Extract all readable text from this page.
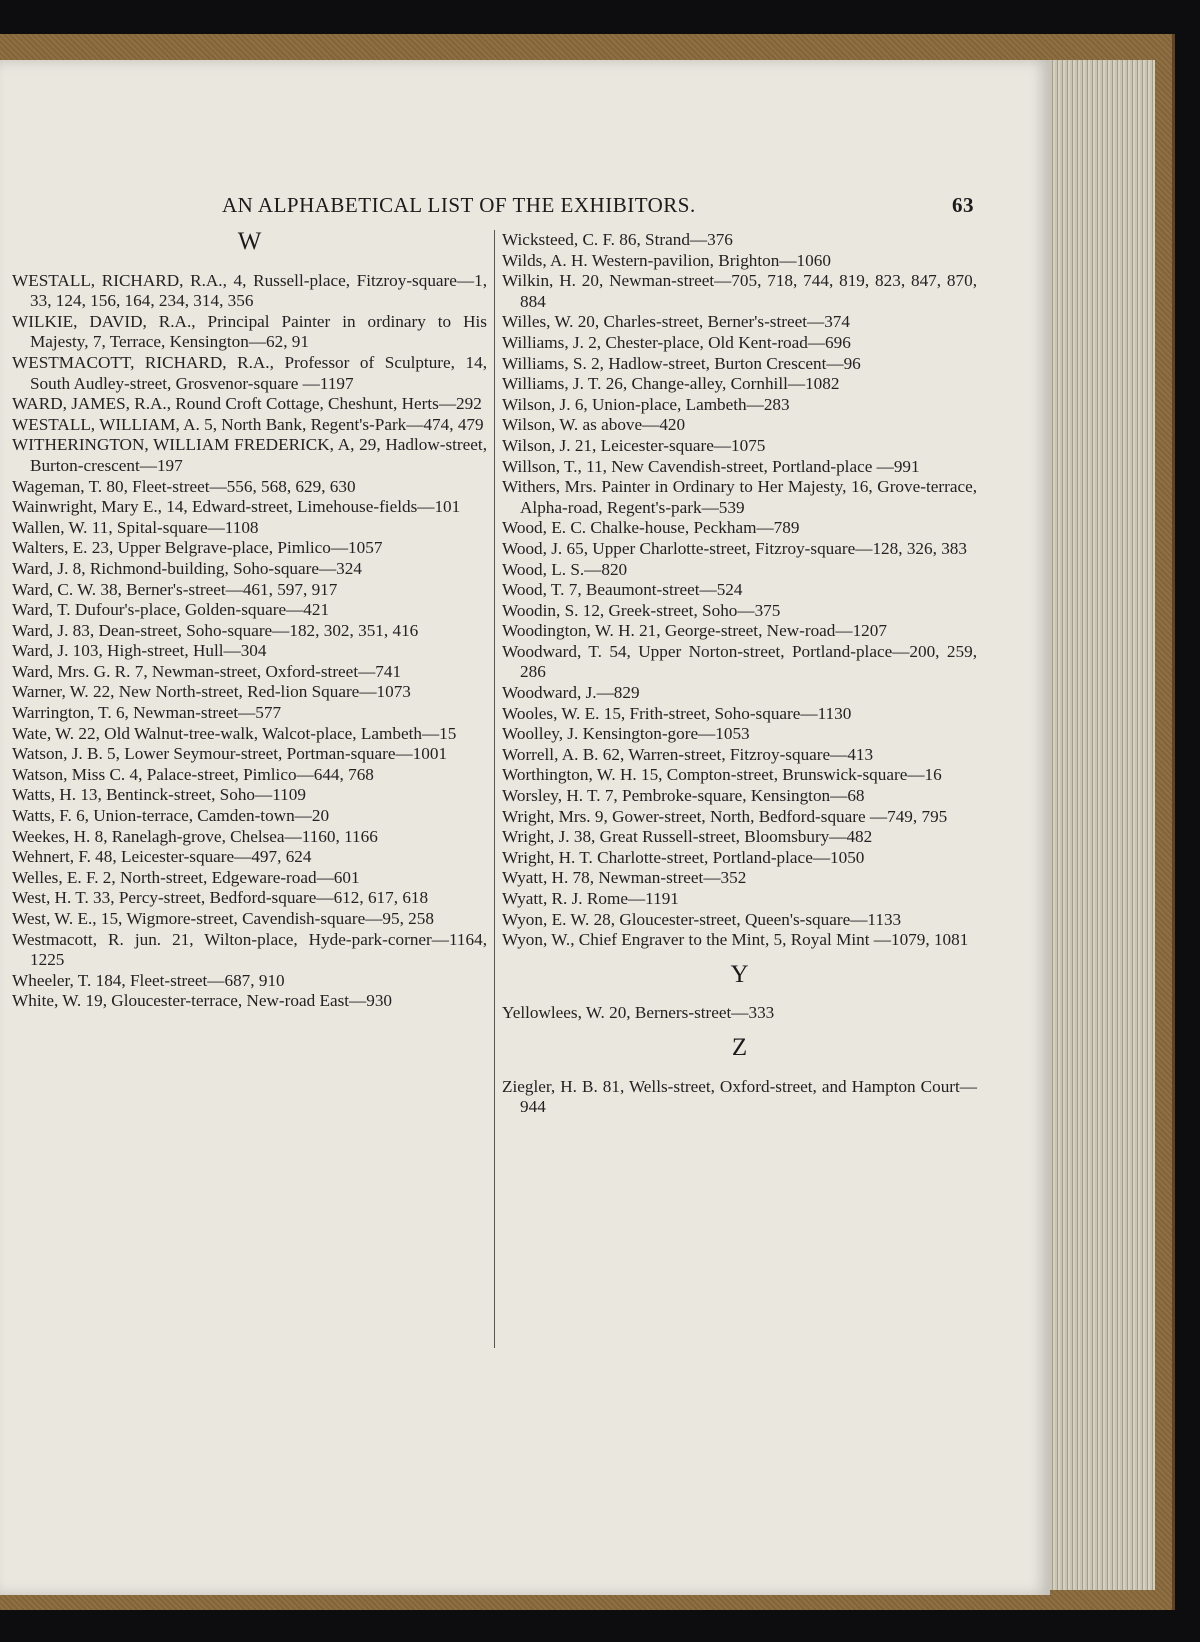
AN ALPHABETICAL LIST OF THE EXHIBITORS.	63
W
WESTALL, RICHARD, R.A., 4, Russell-place, Fitzroy-square—1, 33, 124, 156, 164, 234, 314, 356
WILKIE, DAVID, R.A., Principal Painter in ordinary to His Majesty, 7, Terrace, Kensington—62, 91
WESTMACOTT, RICHARD, R.A., Professor of Sculpture, 14, South Audley-street, Grosvenor-square —1197
WARD, JAMES, R.A., Round Croft Cottage, Cheshunt, Herts—292
WESTALL, WILLIAM, A. 5, North Bank, Regent's-Park—474, 479
WITHERINGTON, WILLIAM FREDERICK, A, 29, Hadlow-street, Burton-crescent—197
Wageman, T. 80, Fleet-street—556, 568, 629, 630
Wainwright, Mary E., 14, Edward-street, Limehouse-fields—101
Wallen, W. 11, Spital-square—1108
Walters, E. 23, Upper Belgrave-place, Pimlico—1057
Ward, J. 8, Richmond-building, Soho-square—324
Ward, C. W. 38, Berner's-street—461, 597, 917
Ward, T. Dufour's-place, Golden-square—421
Ward, J. 83, Dean-street, Soho-square—182, 302, 351, 416
Ward, J. 103, High-street, Hull—304
Ward, Mrs. G. R. 7, Newman-street, Oxford-street—741
Warner, W. 22, New North-street, Red-lion Square—1073
Warrington, T. 6, Newman-street—577
Wate, W. 22, Old Walnut-tree-walk, Walcot-place, Lambeth—15
Watson, J. B. 5, Lower Seymour-street, Portman-square—1001
Watson, Miss C. 4, Palace-street, Pimlico—644, 768
Watts, H. 13, Bentinck-street, Soho—1109
Watts, F. 6, Union-terrace, Camden-town—20
Weekes, H. 8, Ranelagh-grove, Chelsea—1160, 1166
Wehnert, F. 48, Leicester-square—497, 624
Welles, E. F. 2, North-street, Edgeware-road—601
West, H. T. 33, Percy-street, Bedford-square—612, 617, 618
West, W. E., 15, Wigmore-street, Cavendish-square—95, 258
Westmacott, R. jun. 21, Wilton-place, Hyde-park-corner—1164, 1225
Wheeler, T. 184, Fleet-street—687, 910
White, W. 19, Gloucester-terrace, New-road East—930
Wicksteed, C. F. 86, Strand—376
Wilds, A. H. Western-pavilion, Brighton—1060
Wilkin, H. 20, Newman-street—705, 718, 744, 819, 823, 847, 870, 884
Willes, W. 20, Charles-street, Berner's-street—374
Williams, J. 2, Chester-place, Old Kent-road—696
Williams, S. 2, Hadlow-street, Burton Crescent—96
Williams, J. T. 26, Change-alley, Cornhill—1082
Wilson, J. 6, Union-place, Lambeth—283
Wilson, W. as above—420
Wilson, J. 21, Leicester-square—1075
Willson, T., 11, New Cavendish-street, Portland-place —991
Withers, Mrs. Painter in Ordinary to Her Majesty, 16, Grove-terrace, Alpha-road, Regent's-park—539
Wood, E. C. Chalke-house, Peckham—789
Wood, J. 65, Upper Charlotte-street, Fitzroy-square—128, 326, 383
Wood, L. S.—820
Wood, T. 7, Beaumont-street—524
Woodin, S. 12, Greek-street, Soho—375
Woodington, W. H. 21, George-street, New-road—1207
Woodward, T. 54, Upper Norton-street, Portland-place—200, 259, 286
Woodward, J.—829
Wooles, W. E. 15, Frith-street, Soho-square—1130
Woolley, J. Kensington-gore—1053
Worrell, A. B. 62, Warren-street, Fitzroy-square—413
Worthington, W. H. 15, Compton-street, Brunswick-square—16
Worsley, H. T. 7, Pembroke-square, Kensington—68
Wright, Mrs. 9, Gower-street, North, Bedford-square —749, 795
Wright, J. 38, Great Russell-street, Bloomsbury—482
Wright, H. T. Charlotte-street, Portland-place—1050
Wyatt, H. 78, Newman-street—352
Wyatt, R. J. Rome—1191
Wyon, E. W. 28, Gloucester-street, Queen's-square—1133
Wyon, W., Chief Engraver to the Mint, 5, Royal Mint —1079, 1081
Y
Yellowlees, W. 20, Berners-street—333
Z
Ziegler, H. B. 81, Wells-street, Oxford-street, and Hampton Court—944
